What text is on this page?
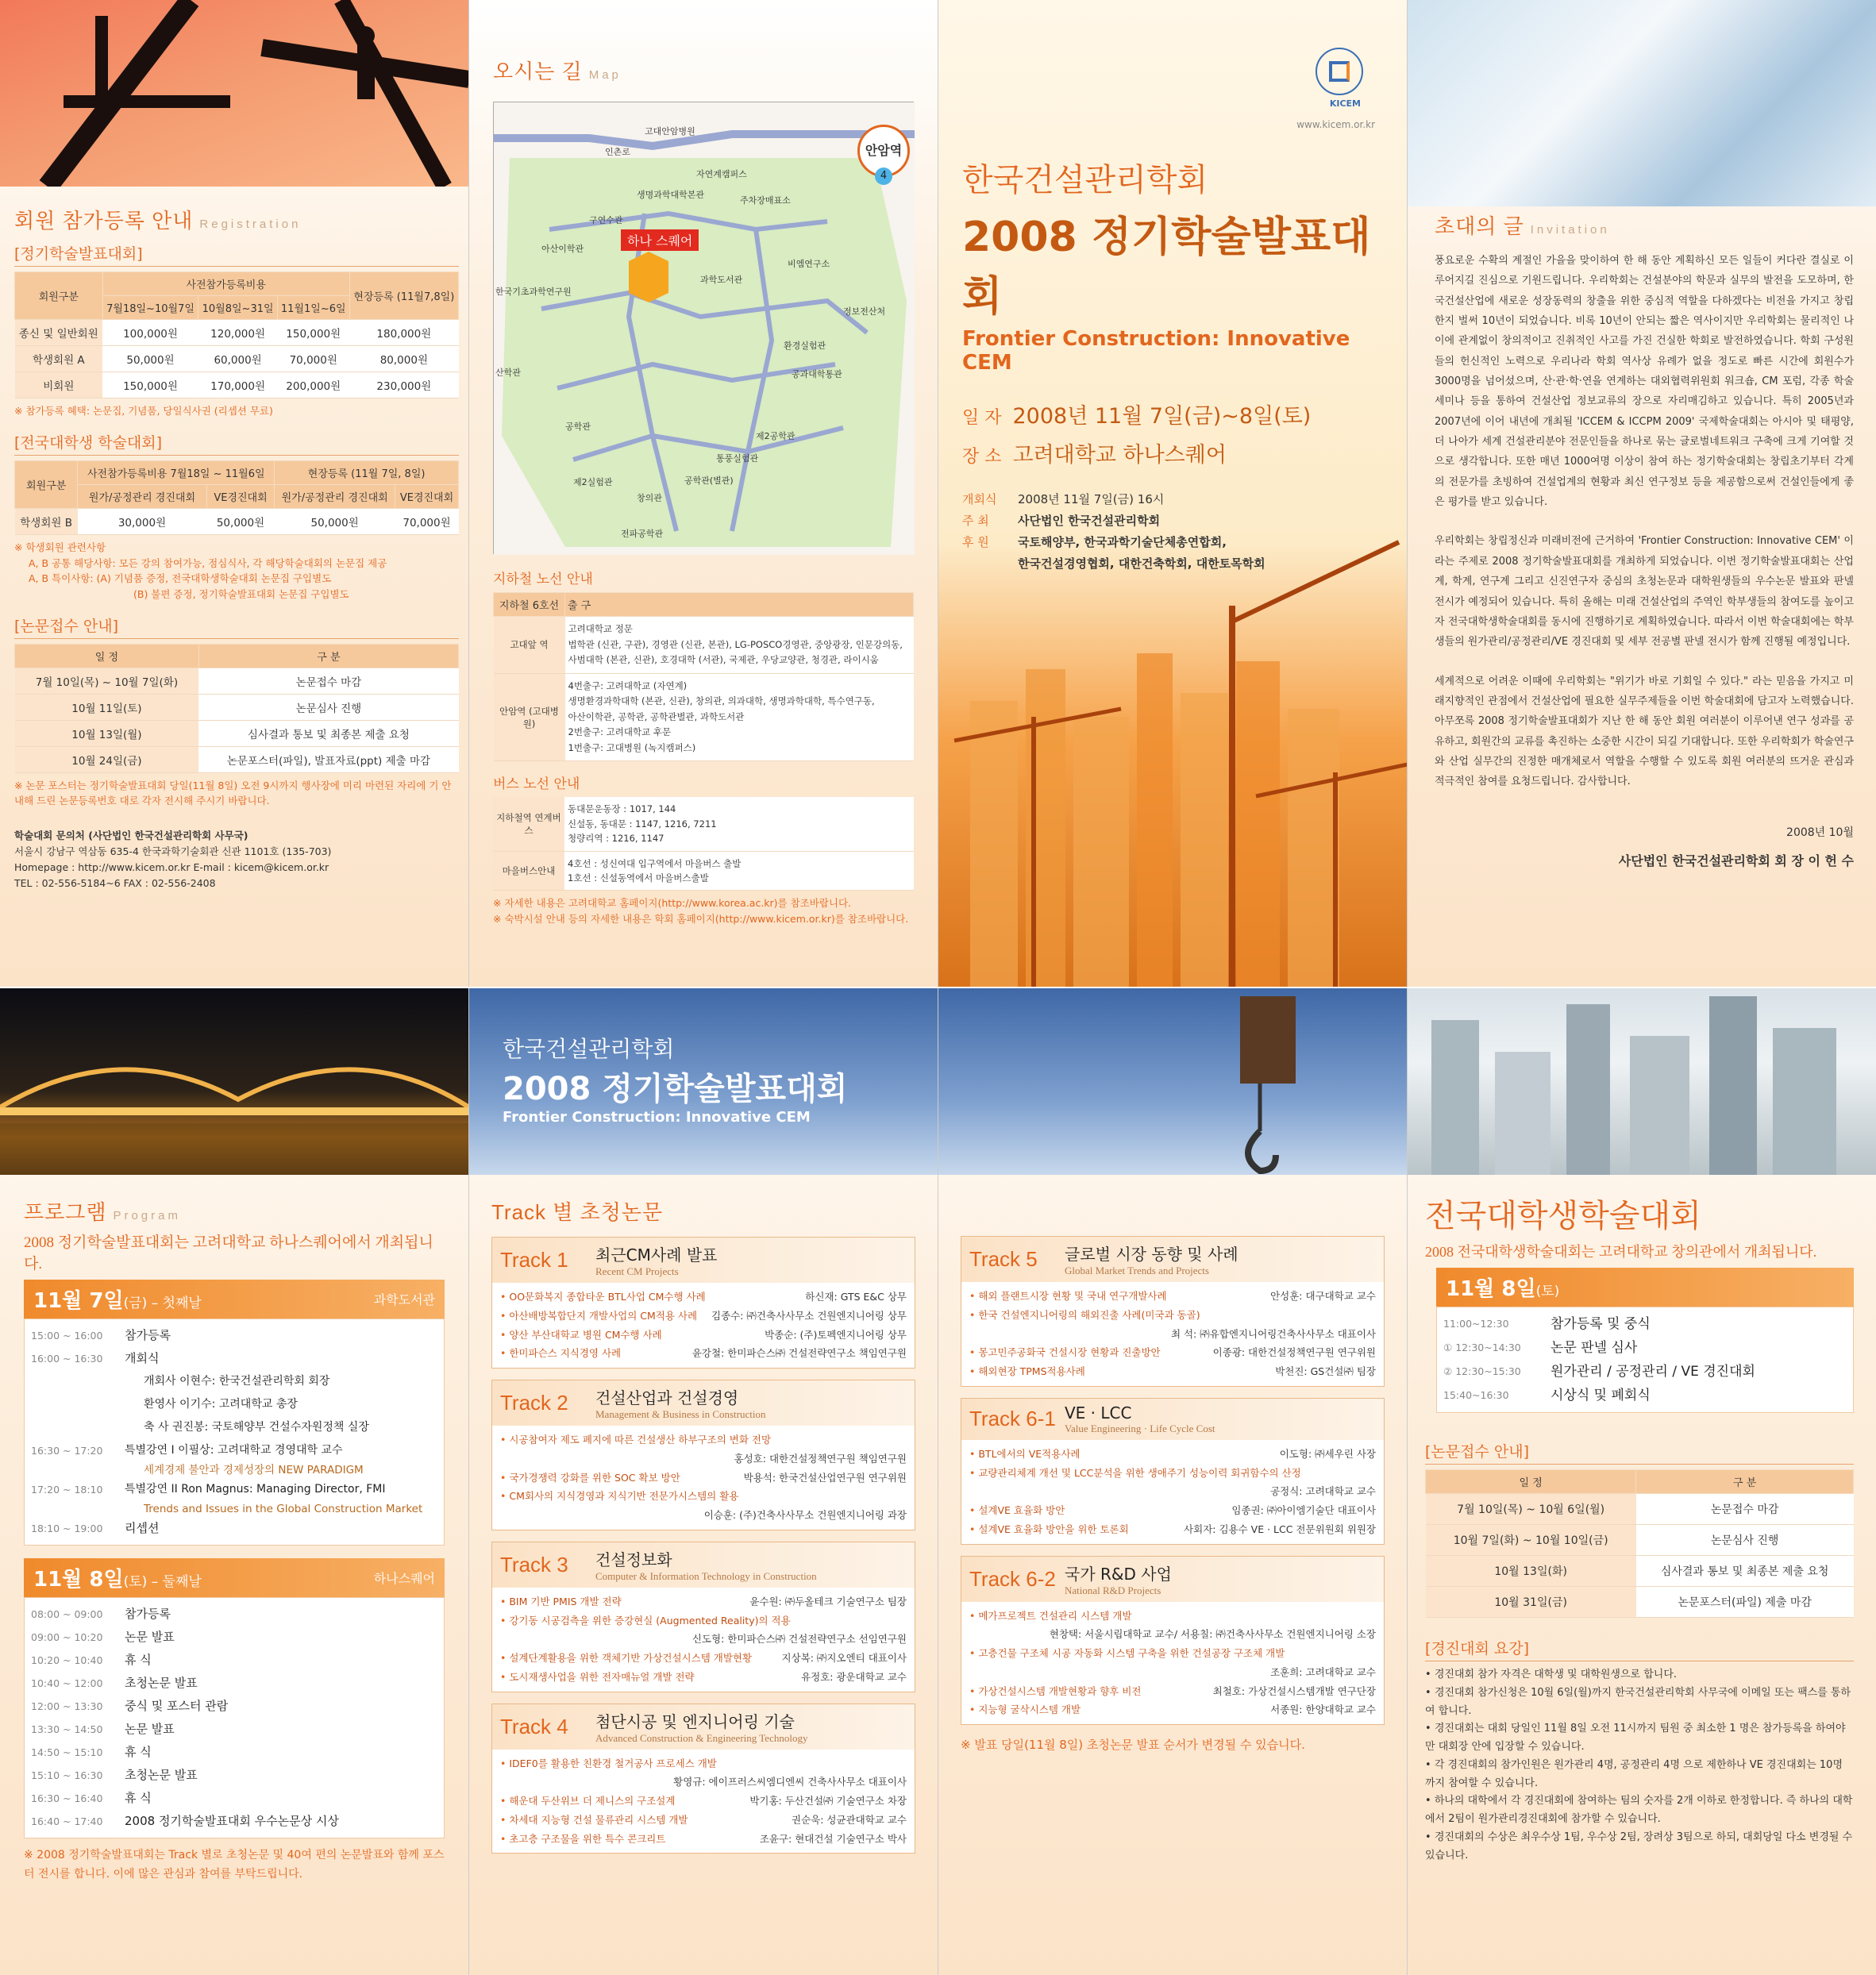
회원 참가등록 안내 Registration
[정기학술발표대회]
회원구분	사전참가등록비용			현장등록 (11월7,8일)
	7월18일~10월7일	10월8일~31일	11월1일~6일	
종신 및 일반회원	100,000원	120,000원	150,000원	180,000원
학생회원 A	50,000원	60,000원	70,000원	80,000원
비회원	150,000원	170,000원	200,000원	230,000원
※ 참가등록 혜택: 논문집, 기념품, 당일식사권 (리셉션 무료)
[전국대학생 학술대회]
회원구분	사전참가등록비용 7월18일 ~ 11월6일		현장등록 (11월 7일, 8일)	
	원가/공정관리 경진대회	VE경진대회	원가/공정관리 경진대회	VE경진대회
학생회원 B	30,000원	50,000원	50,000원	70,000원
※ 학생회원 관련사항
A, B 공통 해당사항: 모든 강의 참여가능, 점심식사, 각 해당학술대회의 논문집 제공
A, B 특이사항: (A) 기념품 증정, 전국대학생학술대회 논문집 구입별도
(B) 불편 증정, 정기학술발표대회 논문집 구입별도
[논문접수 안내]
일 정	구 분
7월 10일(목) ~ 10월 7일(화)	논문접수 마감
10월 11일(토)	논문심사 진행
10월 13일(월)	심사결과 통보 및 최종본 제출 요청
10월 24일(금)	논문포스터(파일), 발표자료(ppt) 제출 마감
※ 논문 포스터는 정기학술발표대회 당일(11월 8일) 오전 9시까지 행사장에 미리 마련된 자리에 기 안내해 드린 논문등록번호 대로 각자 전시해 주시기 바랍니다.
학술대회 문의처 (사단법인 한국건설관리학회 사무국)
서울시 강남구 역삼동 635-4 한국과학기술회관 신관 1101호 (135-703)
Homepage : http://www.kicem.or.kr E-mail : kicem@kicem.or.kr
TEL : 02-556-5184~6 FAX : 02-556-2408
오시는 길 Map
안암역
4
하나 스퀘어
고대안암병원
인촌로
자연계캠퍼스
생명과학대학본관
주차장매표소
구연수관
아산이학관
한국기초과학연구원
과학도서관
비엠연구소
정보전산처
환경실험관
공과대학통관
산학관
공학관
제2공학관
통풍실험관
제2실험관
창의관
공학관(별관)
전파공학관
지하철 노선 안내
지하철 6호선	출 구
고대앞 역	고려대학교 정문
법학관 (신관, 구관), 경영관 (신관, 본관), LG-POSCO경영관, 중앙광장, 인문강의동,
사범대학 (본관, 신관), 호경대학 (서관), 국제관, 우당교양관, 청경관, 라이시움

안암역 (고대병원)	4번출구: 고려대학교 (자연계)
생명환경과학대학 (본관, 신관), 창의관, 의과대학, 생명과학대학, 특수연구동,
아산이학관, 공학관, 공학관별관, 과학도서관
2번출구: 고려대학교 후문
1번출구: 고대병원 (녹지캠퍼스)
버스 노선 안내
지하철역 연계버스	동대문운동장 : 1017, 144
신설동, 동대문 : 1147, 1216, 7211
청량리역 : 1216, 1147

마을버스안내	4호선 : 성신여대 입구역에서 마을버스 출발
1호선 : 신설동역에서 마을버스출발
※ 자세한 내용은 고려대학교 홈페이지(http://www.korea.ac.kr)를 참조바랍니다.
※ 숙박시설 안내 등의 자세한 내용은 학회 홈페이지(http://www.kicem.or.kr)를 참조바랍니다.
KICEM
www.kicem.or.kr
한국건설관리학회
2008 정기학술발표대회
Frontier Construction: Innovative CEM
일 자 2008년 11월 7일(금)~8일(토)
장 소 고려대학교 하나스퀘어
개회식 2008년 11월 7일(금) 16시
주 최 사단법인 한국건설관리학회
후 원 국토해양부, 한국과학기술단체총연합회,
한국건설경영협회, 대한건축학회, 대한토목학회
초대의 글 Invitation

풍요로운 수확의 계절인 가을을 맞이하여 한 해 동안 계획하신 모든 일들이 커다란 결실로 이루어지길 진심으로 기원드립니다. 우리학회는 건설분야의 학문과 실무의 발전을 도모하며, 한국건설산업에 새로운 성장동력의 창출을 위한 중심적 역할을 다하겠다는 비전을 가지고 창립한지 벌써 10년이 되었습니다. 비록 10년이 안되는 짧은 역사이지만 우리학회는 물리적인 나이에 관계없이 창의적이고 진취적인 사고를 가진 건실한 학회로 발전하였습니다. 학회 구성원들의 헌신적인 노력으로 우리나라 학회 역사상 유례가 없을 정도로 빠른 시간에 회원수가 3000명을 넘어섰으며, 산·관·학·연을 연계하는 대외협력위원회 워크숍, CM 포럼, 각종 학술세미나 등을 통하여 건설산업 정보교류의 장으로 자리매김하고 있습니다. 특히 2005년과 2007년에 이어 내년에 개최될 'ICCEM & ICCPM 2009' 국제학술대회는 아시아 및 태평양, 더 나아가 세계 건설관리분야 전문인들을 하나로 묶는 글로벌네트워크 구축에 크게 기여할 것으로 생각합니다. 또한 매년 1000여명 이상이 참여 하는 정기학술대회는 창립초기부터 각계의 전문가를 초빙하여 건설업계의 현황과 최신 연구정보 등을 제공함으로써 건설인들에게 좋은 평가를 받고 있습니다.

우리학회는 창립정신과 미래비전에 근거하여 'Frontier Construction: Innovative CEM' 이라는 주제로 2008 정기학술발표대회를 개최하게 되었습니다. 이번 정기학술발표대회는 산업계, 학계, 연구계 그리고 신진연구자 중심의 초청논문과 대학원생들의 우수논문 발표와 판넬 전시가 예정되어 있습니다. 특히 올해는 미래 건설산업의 주역인 학부생들의 참여도를 높이고자 전국대학생학술대회를 동시에 진행하기로 계획하였습니다. 따라서 이번 학술대회에는 학부생들의 원가관리/공정관리/VE 경진대회 및 세부 전공별 판넬 전시가 함께 진행될 예정입니다.

세계적으로 어려운 이때에 우리학회는 "위기가 바로 기회일 수 있다." 라는 믿음을 가지고 미래지향적인 관점에서 건설산업에 필요한 실무주제들을 이번 학술대회에 담고자 노력했습니다. 아무쪼록 2008 정기학술발표대회가 지난 한 해 동안 회원 여러분이 이루어낸 연구 성과를 공유하고, 회원간의 교류를 촉진하는 소중한 시간이 되길 기대합니다. 또한 우리학회가 학술연구와 산업 실무간의 진정한 매개체로서 역할을 수행할 수 있도록 회원 여러분의 뜨거운 관심과 적극적인 참여를 요청드립니다. 감사합니다.

2008년 10월
사단법인 한국건설관리학회 회 장 이 헌 수
프로그램 Program
2008 정기학술발표대회는 고려대학교 하나스퀘어에서 개최됩니다.
11월 7일(금) – 첫째날	과학도서관
15:00 ~ 16:00	참가등록
16:00 ~ 16:30	개회식
개회사 이현수: 한국건설관리학회 회장
환영사 이기수: 고려대학교 총장
축 사 권진봉: 국토해양부 건설수자원정책 실장
16:30 ~ 17:20	특별강연 I 이필상: 고려대학교 경영대학 교수
세계경제 불안과 경제성장의 NEW PARADIGM
17:20 ~ 18:10	특별강연 II Ron Magnus: Managing Director, FMI
Trends and Issues in the Global Construction Market
18:10 ~ 19:00	리셉션
11월 8일(토) – 둘째날	하나스퀘어
08:00 ~ 09:00	참가등록
09:00 ~ 10:20	논문 발표
10:20 ~ 10:40	휴 식
10:40 ~ 12:00	초청논문 발표
12:00 ~ 13:30	중식 및 포스터 관람
13:30 ~ 14:50	논문 발표
14:50 ~ 15:10	휴 식
15:10 ~ 16:30	초청논문 발표
16:30 ~ 16:40	휴 식
16:40 ~ 17:40	2008 정기학술발표대회 우수논문상 시상
※ 2008 정기학술발표대회는 Track 별로 초청논문 및 40여 편의 논문발표와 함께 포스터 전시를 합니다. 이에 많은 관심과 참여를 부탁드립니다.
한국건설관리학회
2008 정기학술발표대회
Frontier Construction: Innovative CEM
Track 별 초청논문
Track 1	최근CM사례 발표
Recent CM Projects
• OO문화복지 종합타운 BTL사업 CM수행 사례	하신재: GTS E&C 상무
• 아산배방복합단지 개발사업의 CM적용 사례 김종수: ㈜건축사사무소 건원엔지니어링 상무
• 양산 부산대학교 병원 CM수행 사례	박종순: (주)토펙엔지니어링 상무
• 한미파슨스 지식경영 사례	윤강철: 한미파슨스㈜ 건설전략연구소 책임연구원
Track 2	건설산업과 건설경영
Management & Business in Construction
• 시공참여자 제도 폐지에 따른 건설생산 하부구조의 변화 전망
홍성호: 대한건설정책연구원 책임연구원
• 국가경쟁력 강화를 위한 SOC 확보 방안	박용석: 한국건설산업연구원 연구위원
• CM회사의 지식경영과 지식기반 전문가시스템의 활용
이승훈: (주)건축사사무소 건원엔지니어링 과장
Track 3	건설정보화
Computer & Information Technology in Construction
• BIM 기반 PMIS 개발 전략	윤수원: ㈜두올테크 기술연구소 팀장
• 강기동 시공검측을 위한 증강현실 (Augmented Reality)의 적용
신도형: 한미파슨스㈜ 건설전략연구소 선임연구원
• 설계단계활용을 위한 객체기반 가상건설시스템 개발현황	지상복: ㈜지오엔티 대표이사
• 도시재생사업을 위한 전자매뉴얼 개발 전략	유정호: 광운대학교 교수
Track 4	첨단시공 및 엔지니어링 기술
Advanced Construction & Engineering Technology
• IDEF0를 활용한 친환경 철거공사 프로세스 개발
황영규: 에이프러스씨엠디엔씨 건축사사무소 대표이사
• 해운대 두산위브 더 제니스의 구조설계	박기홍: 두산건설㈜ 기술연구소 차장
• 차세대 지능형 건설 물류관리 시스템 개발	권순욱: 성균관대학교 교수
• 초고층 구조물을 위한 특수 콘크리트	조윤구: 현대건설 기술연구소 박사
Track 5	글로벌 시장 동향 및 사례
Global Market Trends and Projects
• 해외 플랜트시장 현황 및 국내 연구개발사례	안성훈: 대구대학교 교수
• 한국 건설엔지니어링의 해외진출 사례(미국과 동골)
최 석: ㈜유합엔지니어링건축사사무소 대표이사
• 몽고민주공화국 건설시장 현황과 진출방안	이종광: 대한건설정책연구원 연구위원
• 해외현장 TPMS적용사례	박천진: GS건설㈜ 팀장
Track 6-1 VE · LCC
Value Engineering · Life Cycle Cost
• BTL에서의 VE적용사례	이도형: ㈜세우린 사장
• 교량관리체계 개선 및 LCC분석을 위한 생애주기 성능이력 회귀함수의 산정
공정식: 고려대학교 교수
• 설계VE 효율화 방안	임종권: ㈜아이엠기술단 대표이사
• 설계VE 효율화 방안을 위한 토론회	사회자: 김용수 VE · LCC 전문위원회 위원장
Track 6-2 국가 R&D 사업
National R&D Projects
• 메가프로젝트 건설관리 시스템 개발
현창택: 서울시립대학교 교수/ 서용칠: ㈜건축사사무소 건원엔지니어링 소장
• 고층건물 구조체 시공 자동화 시스템 구축을 위한 건설공장 구조체 개발
조훈희: 고려대학교 교수
• 가상건설시스템 개발현황과 향후 비전	최철호: 가상건설시스템개발 연구단장
• 지능형 굴삭시스템 개발	서종원: 한양대학교 교수
※ 발표 당일(11월 8일) 초청논문 발표 순서가 변경될 수 있습니다.
전국대학생학술대회
2008 전국대학생학술대회는 고려대학교 창의관에서 개최됩니다.
11월 8일(토)
11:00~12:30	참가등록 및 중식
① 12:30~14:30	논문 판넬 심사
② 12:30~15:30	원가관리 / 공정관리 / VE 경진대회
15:40~16:30	시상식 및 폐회식
[논문접수 안내]
일 정	구 분
7월 10일(목) ~ 10월 6일(월)	논문접수 마감
10월 7일(화) ~ 10월 10일(금)	논문심사 진행
10월 13일(화)	심사결과 통보 및 최종본 제출 요청
10월 31일(금)	논문포스터(파일) 제출 마감
[경진대회 요강]
• 경진대회 참가 자격은 대학생 및 대학원생으로 합니다.
• 경진대회 참가신청은 10월 6일(월)까지 한국건설관리학회 사무국에 이메일 또는 팩스를 통하여 합니다.
• 경진대회는 대회 당일인 11월 8일 오전 11시까지 팀원 중 최소한 1 명은 참가등록을 하여야만 대회장 안에 입장할 수 있습니다.
• 각 경진대회의 참가인원은 원가관리 4명, 공정관리 4명 으로 제한하나 VE 경진대회는 10명 까지 참여할 수 있습니다.
• 하나의 대학에서 각 경진대회에 참여하는 팀의 숫자를 2개 이하로 한정합니다. 즉 하나의 대학에서 2팀이 원가관리경진대회에 참가할 수 있습니다.
• 경진대회의 수상은 최우수상 1팀, 우수상 2팀, 장려상 3팀으로 하되, 대회당일 다소 변경될 수 있습니다.
